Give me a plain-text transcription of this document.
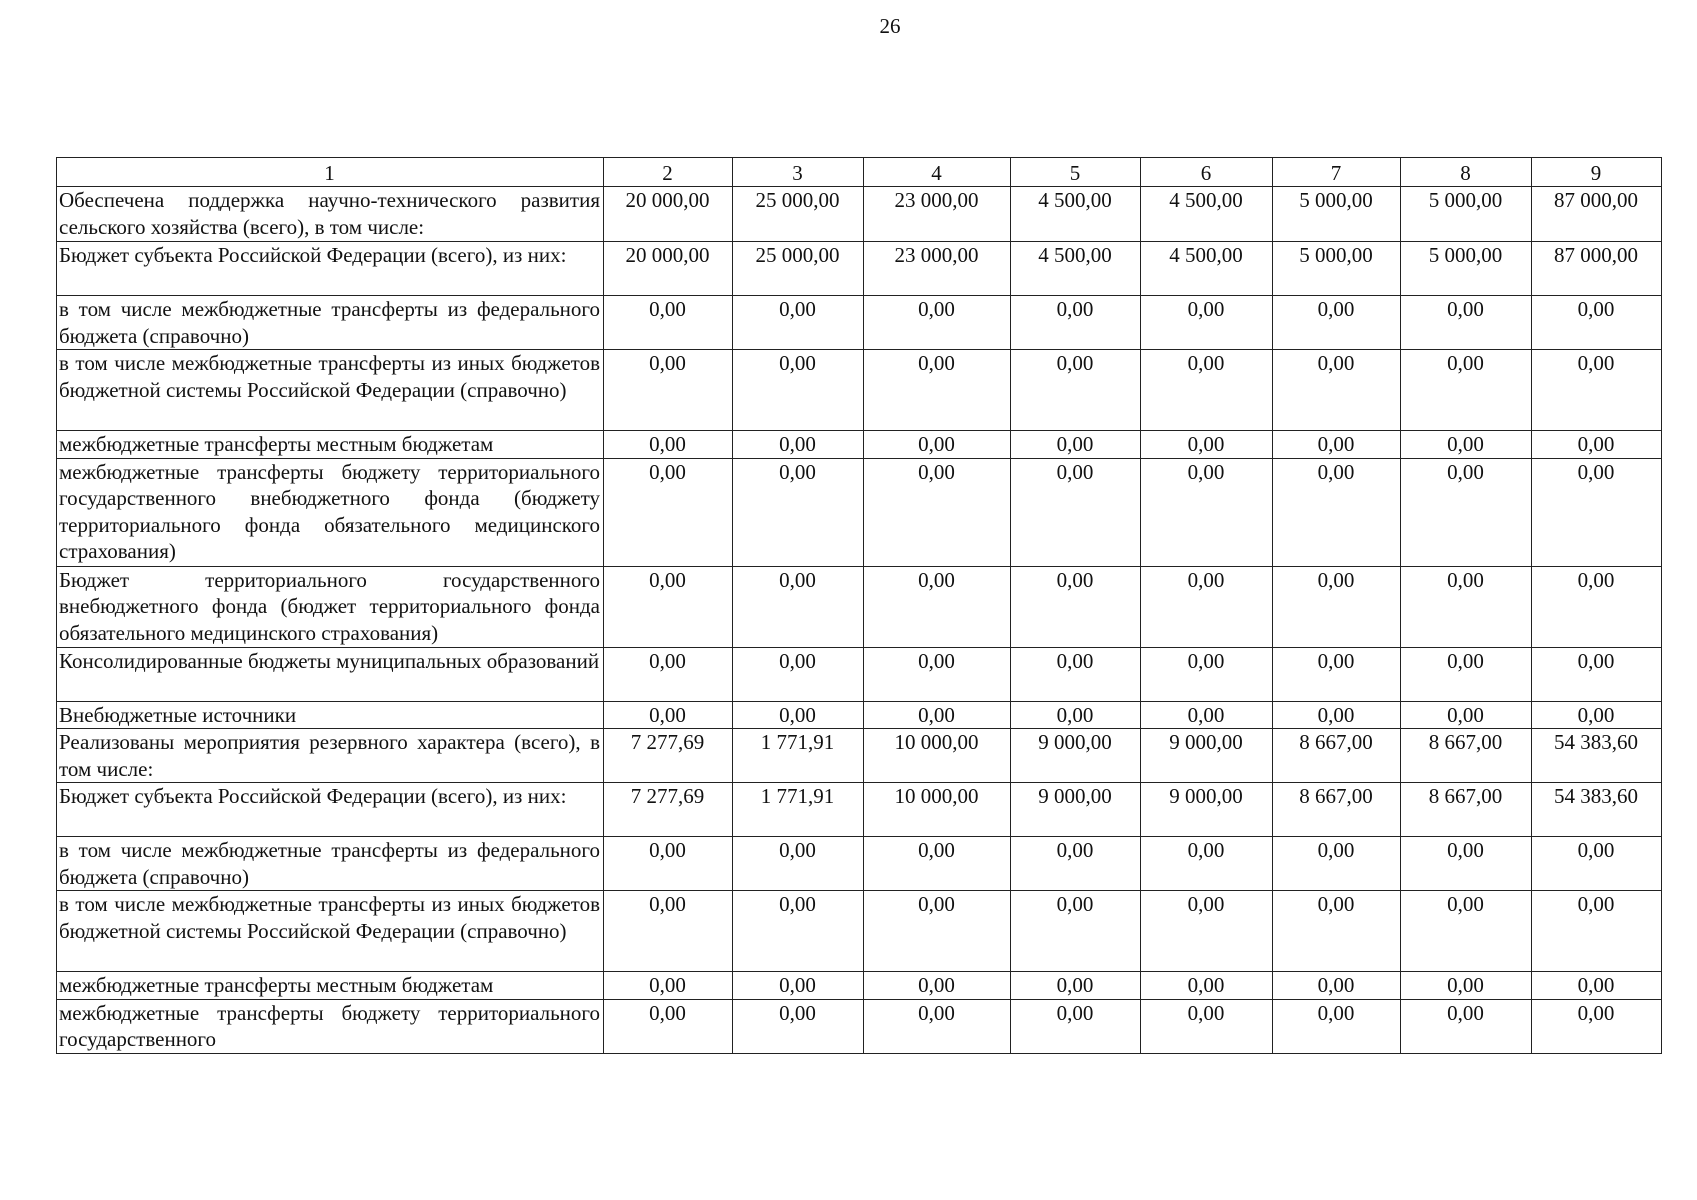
26
1	2	3	4	5	6	7	8	9
Обеспечена поддержка научно-технического развития сельского хозяйства (всего), в том числе:	20 000,00	25 000,00	23 000,00	4 500,00	4 500,00	5 000,00	5 000,00	87 000,00
Бюджет субъекта Российской Федерации (всего), из них:	20 000,00	25 000,00	23 000,00	4 500,00	4 500,00	5 000,00	5 000,00	87 000,00
в том числе межбюджетные трансферты из федерального бюджета (справочно)	0,00	0,00	0,00	0,00	0,00	0,00	0,00	0,00
в том числе межбюджетные трансферты из иных бюджетов бюджетной системы Российской Федерации (справочно)	0,00	0,00	0,00	0,00	0,00	0,00	0,00	0,00
межбюджетные трансферты местным бюджетам	0,00	0,00	0,00	0,00	0,00	0,00	0,00	0,00
межбюджетные трансферты бюджету территориального государственного внебюджетного фонда (бюджету территориального фонда обязательного медицинского страхования)	0,00	0,00	0,00	0,00	0,00	0,00	0,00	0,00
Бюджет территориального государственного внебюджетного фонда (бюджет территориального фонда обязательного медицинского страхования)	0,00	0,00	0,00	0,00	0,00	0,00	0,00	0,00
Консолидированные бюджеты муниципальных образований	0,00	0,00	0,00	0,00	0,00	0,00	0,00	0,00
Внебюджетные источники	0,00	0,00	0,00	0,00	0,00	0,00	0,00	0,00
Реализованы мероприятия резервного характера (всего), в том числе:	7 277,69	1 771,91	10 000,00	9 000,00	9 000,00	8 667,00	8 667,00	54 383,60
Бюджет субъекта Российской Федерации (всего), из них:	7 277,69	1 771,91	10 000,00	9 000,00	9 000,00	8 667,00	8 667,00	54 383,60
в том числе межбюджетные трансферты из федерального бюджета (справочно)	0,00	0,00	0,00	0,00	0,00	0,00	0,00	0,00
в том числе межбюджетные трансферты из иных бюджетов бюджетной системы Российской Федерации (справочно)	0,00	0,00	0,00	0,00	0,00	0,00	0,00	0,00
межбюджетные трансферты местным бюджетам	0,00	0,00	0,00	0,00	0,00	0,00	0,00	0,00
межбюджетные трансферты бюджету территориального государственного	0,00	0,00	0,00	0,00	0,00	0,00	0,00	0,00
